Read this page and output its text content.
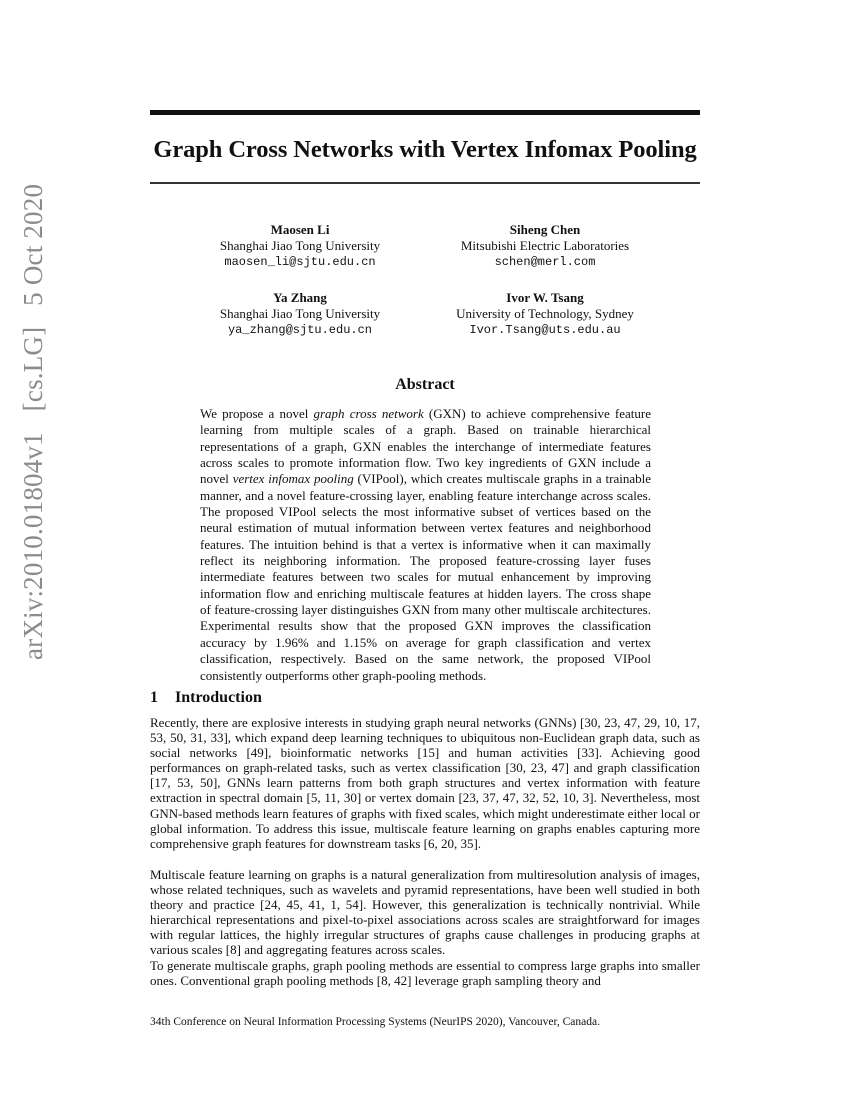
arXiv:2010.01804v1   [cs.LG]   5 Oct 2020
Graph Cross Networks with Vertex Infomax Pooling
Maosen Li
Shanghai Jiao Tong University
maosen_li@sjtu.edu.cn
Siheng Chen
Mitsubishi Electric Laboratories
schen@merl.com
Ya Zhang
Shanghai Jiao Tong University
ya_zhang@sjtu.edu.cn
Ivor W. Tsang
University of Technology, Sydney
Ivor.Tsang@uts.edu.au
Abstract
We propose a novel graph cross network (GXN) to achieve comprehensive feature learning from multiple scales of a graph. Based on trainable hierarchical representations of a graph, GXN enables the interchange of intermediate features across scales to promote information flow. Two key ingredients of GXN include a novel vertex infomax pooling (VIPool), which creates multiscale graphs in a trainable manner, and a novel feature-crossing layer, enabling feature interchange across scales. The proposed VIPool selects the most informative subset of vertices based on the neural estimation of mutual information between vertex features and neighborhood features. The intuition behind is that a vertex is informative when it can maximally reflect its neighboring information. The proposed feature-crossing layer fuses intermediate features between two scales for mutual enhancement by improving information flow and enriching multiscale features at hidden layers. The cross shape of feature-crossing layer distinguishes GXN from many other multiscale architectures. Experimental results show that the proposed GXN improves the classification accuracy by 1.96% and 1.15% on average for graph classification and vertex classification, respectively. Based on the same network, the proposed VIPool consistently outperforms other graph-pooling methods.
1 Introduction
Recently, there are explosive interests in studying graph neural networks (GNNs) [30, 23, 47, 29, 10, 17, 53, 50, 31, 33], which expand deep learning techniques to ubiquitous non-Euclidean graph data, such as social networks [49], bioinformatic networks [15] and human activities [33]. Achieving good performances on graph-related tasks, such as vertex classification [30, 23, 47] and graph classification [17, 53, 50], GNNs learn patterns from both graph structures and vertex information with feature extraction in spectral domain [5, 11, 30] or vertex domain [23, 37, 47, 32, 52, 10, 3]. Nevertheless, most GNN-based methods learn features of graphs with fixed scales, which might underestimate either local or global information. To address this issue, multiscale feature learning on graphs enables capturing more comprehensive graph features for downstream tasks [6, 20, 35].
Multiscale feature learning on graphs is a natural generalization from multiresolution analysis of images, whose related techniques, such as wavelets and pyramid representations, have been well studied in both theory and practice [24, 45, 41, 1, 54]. However, this generalization is technically nontrivial. While hierarchical representations and pixel-to-pixel associations across scales are straightforward for images with regular lattices, the highly irregular structures of graphs cause challenges in producing graphs at various scales [8] and aggregating features across scales.
To generate multiscale graphs, graph pooling methods are essential to compress large graphs into smaller ones. Conventional graph pooling methods [8, 42] leverage graph sampling theory and
34th Conference on Neural Information Processing Systems (NeurIPS 2020), Vancouver, Canada.
